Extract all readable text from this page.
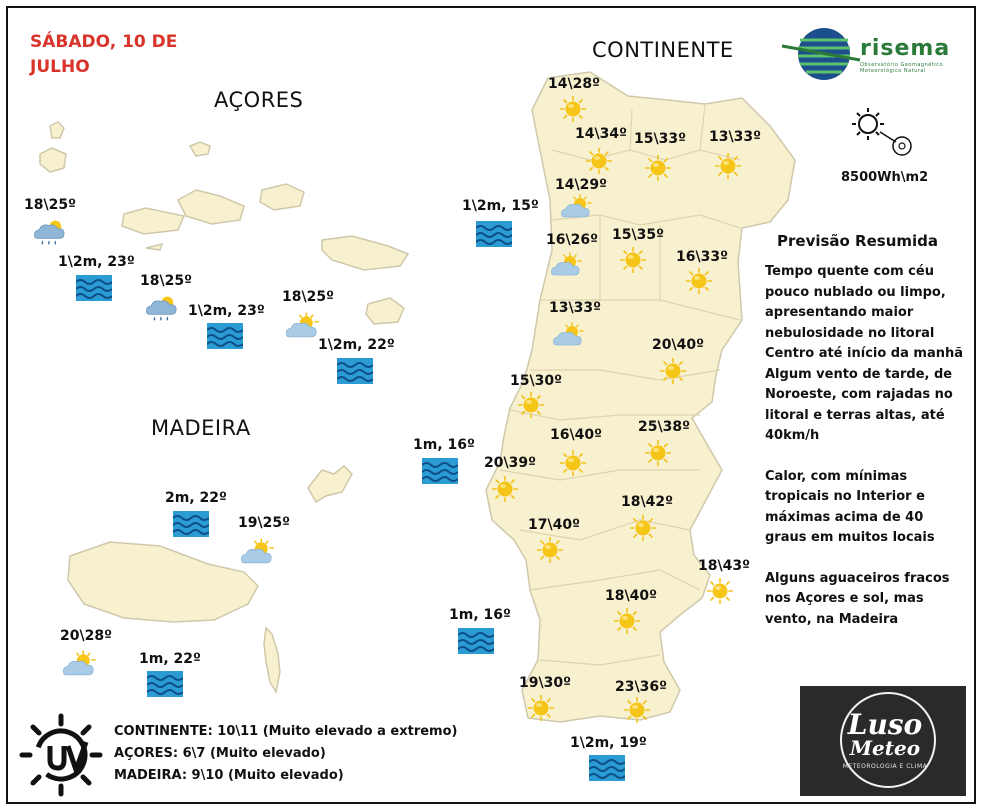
SÁBADO, 10 DE JULHO
CONTINENTE
AÇORES
MADEIRA
risema
Observatório Geomagnético Meteorológico Natural
8500Wh\m2
Previsão Resumida

Tempo quente com céu pouco nublado ou limpo, apresentando maior nebulosidade no litoral Centro até início da manhã

Algum vento de tarde, de Noroeste, com rajadas no litoral e terras altas, até 40km/h

Calor, com mínimas tropicais no Interior e máximas acima de 40 graus em muitos locais

Alguns aguaceiros fracos nos Açores e sol, mas vento, na Madeira

14\28º
14\34º 15\33º 13\33º
14\29º
16\26º 15\35º
16\33º
13\33º
20\40º
15\30º
16\40º	25\38º
20\39º
18\42º
17\40º
18\43º
18\40º
19\30º	23\36º
18\25º
18\25º
18\25º
19\25º
20\28º
1\2m, 15º
1m, 16º
1m, 16º
1\2m, 19º
1\2m, 23º
1\2m, 23º
1\2m, 22º
2m, 22º
1m, 22º
CONTINENTE: 10\11 (Muito elevado a extremo)
AÇORES: 6\7 (Muito elevado)
MADEIRA: 9\10 (Muito elevado)
Luso
Meteo
METEOROLOGIA E CLIMA
